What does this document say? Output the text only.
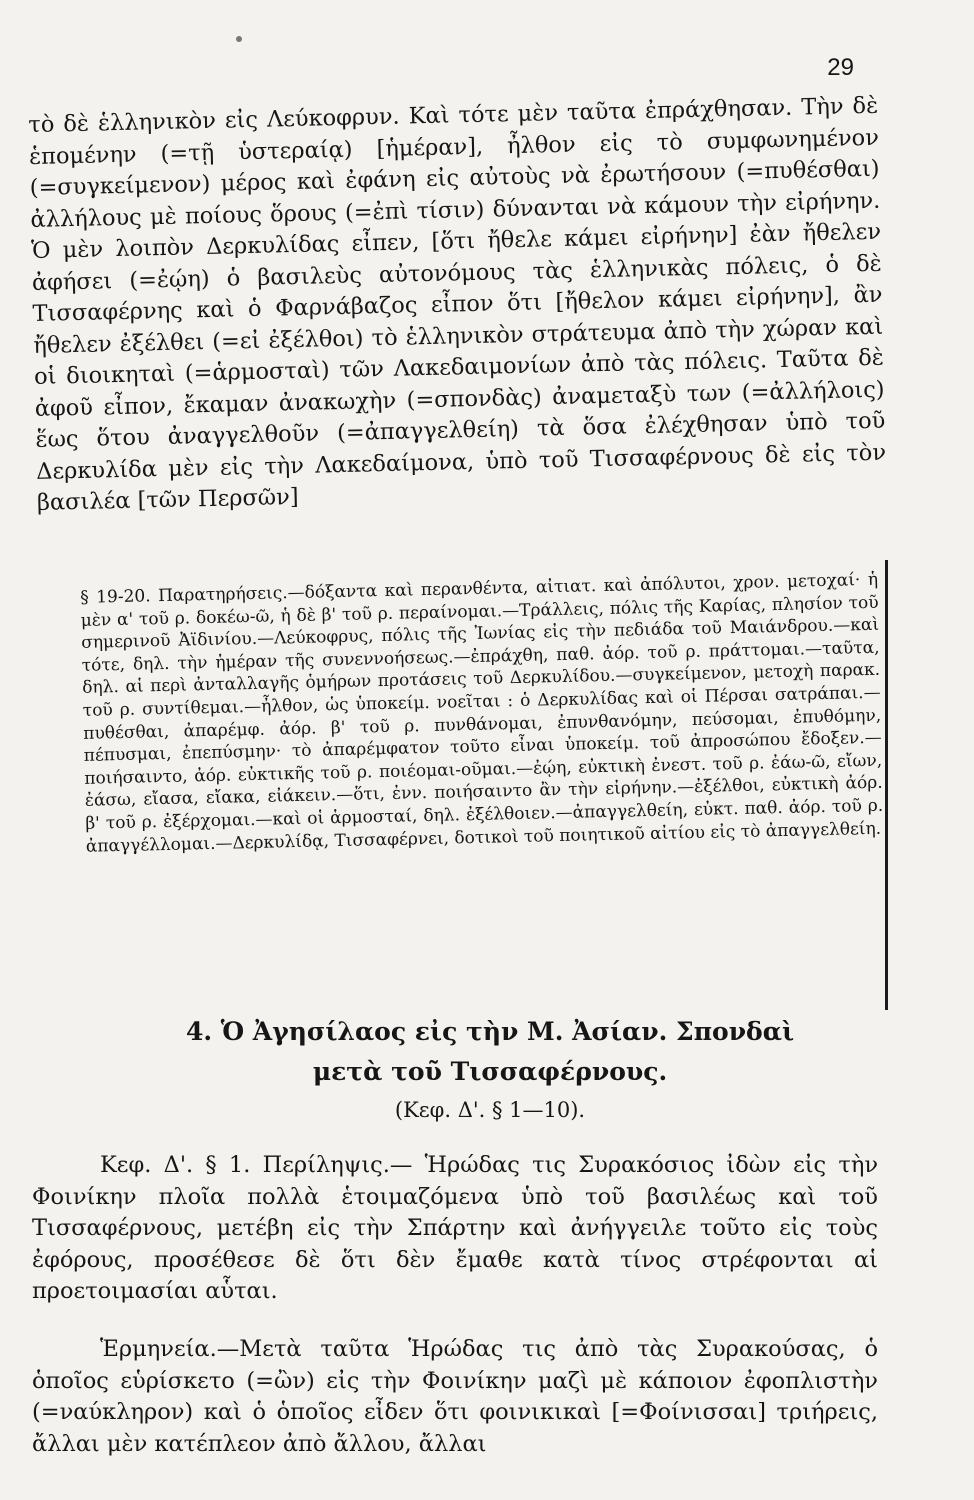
29

τὸ δὲ ἑλληνικὸν εἰς Λεύκοφρυν. Καὶ τότε μὲν ταῦτα ἐπράχθησαν. Τὴν δὲ ἑπομένην (=τῇ ὑστεραίᾳ) [ἡμέραν], ἦλθον εἰς τὸ συμφωνημένον (=συγκείμενον) μέρος καὶ ἐφάνη εἰς αὐτοὺς νὰ ἐρωτήσουν (=πυθέσθαι) ἀλλήλους μὲ ποίους ὅρους (=ἐπὶ τίσιν) δύνανται νὰ κάμουν τὴν εἰρήνην. Ὁ μὲν λοιπὸν Δερκυλίδας εἶπεν, [ὅτι ἤθελε κάμει εἰρήνην] ἐὰν ἤθελεν ἀφήσει (=ἐῴη) ὁ βασιλεὺς αὐτονόμους τὰς ἑλληνικὰς πόλεις, ὁ δὲ Τισσαφέρνης καὶ ὁ Φαρνάβαζος εἶπον ὅτι [ἤθελον κάμει εἰρήνην], ἂν ἤθελεν ἐξέλθει (=εἰ ἐξέλθοι) τὸ ἑλληνικὸν στράτευμα ἀπὸ τὴν χώραν καὶ οἱ διοικηταὶ (=ἁρμοσταὶ) τῶν Λακεδαιμονίων ἀπὸ τὰς πόλεις. Ταῦτα δὲ ἀφοῦ εἶπον, ἔκαμαν ἀνακωχὴν (=σπονδὰς) ἀναμεταξὺ των (=ἀλλήλοις) ἕως ὅτου ἀναγγελθοῦν (=ἀπαγγελθείη) τὰ ὅσα ἐλέχθησαν ὑπὸ τοῦ Δερκυλίδα μὲν εἰς τὴν Λακεδαίμονα, ὑπὸ τοῦ Τισσαφέρνους δὲ εἰς τὸν βασιλέα [τῶν Περσῶν]

§ 19-20. Παρατηρήσεις.—δόξαντα καὶ περανθέντα, αἰτιατ. καὶ ἀπόλυτοι, χρον. μετοχαί· ἡ μὲν α' τοῦ ρ. δοκέω-ῶ, ἡ δὲ β' τοῦ ρ. περαίνομαι.—Τράλλεις, πόλις τῆς Καρίας, πλησίον τοῦ σημερινοῦ Ἀϊδινίου.—Λεύκοφρυς, πόλις τῆς Ἰωνίας εἰς τὴν πεδιάδα τοῦ Μαιάνδρου.—καὶ τότε, δηλ. τὴν ἡμέραν τῆς συνεννοήσεως.—ἐπράχθη, παθ. ἀόρ. τοῦ ρ. πράττομαι.—ταῦτα, δηλ. αἱ περὶ ἀνταλλαγῆς ὁμήρων προτάσεις τοῦ Δερκυλίδου.—συγκείμενον, μετοχὴ παρακ. τοῦ ρ. συντίθεμαι.—ἦλθον, ὡς ὑποκείμ. νοεῖται : ὁ Δερκυλίδας καὶ οἱ Πέρσαι σατράπαι.—πυθέσθαι, ἀπαρέμφ. ἀόρ. β' τοῦ ρ. πυνθάνομαι, ἐπυνθανόμην, πεύσομαι, ἐπυθόμην, πέπυσμαι, ἐπεπύσμην· τὸ ἀπαρέμφατον τοῦτο εἶναι ὑποκείμ. τοῦ ἀπροσώπου ἔδοξεν.—ποιήσαιντο, ἀόρ. εὐκτικῆς τοῦ ρ. ποιέομαι-οῦμαι.—ἐῴη, εὐκτικὴ ἐνεστ. τοῦ ρ. ἐάω-ῶ, εἴων, ἐάσω, εἴασα, εἴακα, εἰάκειν.—ὅτι, ἐνν. ποιήσαιντο ἂν τὴν εἰρήνην.—ἐξέλθοι, εὐκτικὴ ἀόρ. β' τοῦ ρ. ἐξέρχομαι.—καὶ οἱ ἁρμοσταί, δηλ. ἐξέλθοιεν.—ἀπαγγελθείη, εὐκτ. παθ. ἀόρ. τοῦ ρ. ἀπαγγέλλομαι.—Δερκυλίδᾳ, Τισσαφέρνει, δοτικοὶ τοῦ ποιητικοῦ αἰτίου εἰς τὸ ἀπαγγελθείη.

4. Ὁ Ἀγησίλαος εἰς τὴν Μ. Ἀσίαν. Σπονδαὶ
μετὰ τοῦ Τισσαφέρνους.
(Κεφ. Δ'. § 1—10).

Κεφ. Δ'. § 1. Περίληψις.— Ἡρώδας τις Συρακόσιος ἰδὼν εἰς τὴν Φοινίκην πλοῖα πολλὰ ἑτοιμαζόμενα ὑπὸ τοῦ βασιλέως καὶ τοῦ Τισσαφέρνους, μετέβη εἰς τὴν Σπάρτην καὶ ἀνήγγειλε τοῦτο εἰς τοὺς ἐφόρους, προσέθεσε δὲ ὅτι δὲν ἔμαθε κατὰ τίνος στρέφονται αἱ προετοιμασίαι αὗται.

Ἑρμηνεία.—Μετὰ ταῦτα Ἡρώδας τις ἀπὸ τὰς Συρακούσας, ὁ ὁποῖος εὑρίσκετο (=ὢν) εἰς τὴν Φοινίκην μαζὶ μὲ κάποιον ἐφοπλιστὴν (=ναύκληρον) καὶ ὁ ὁποῖος εἶδεν ὅτι φοινικικαὶ [=Φοίνισσαι] τριήρεις, ἄλλαι μὲν κατέπλεον ἀπὸ ἄλλου, ἄλλαι
